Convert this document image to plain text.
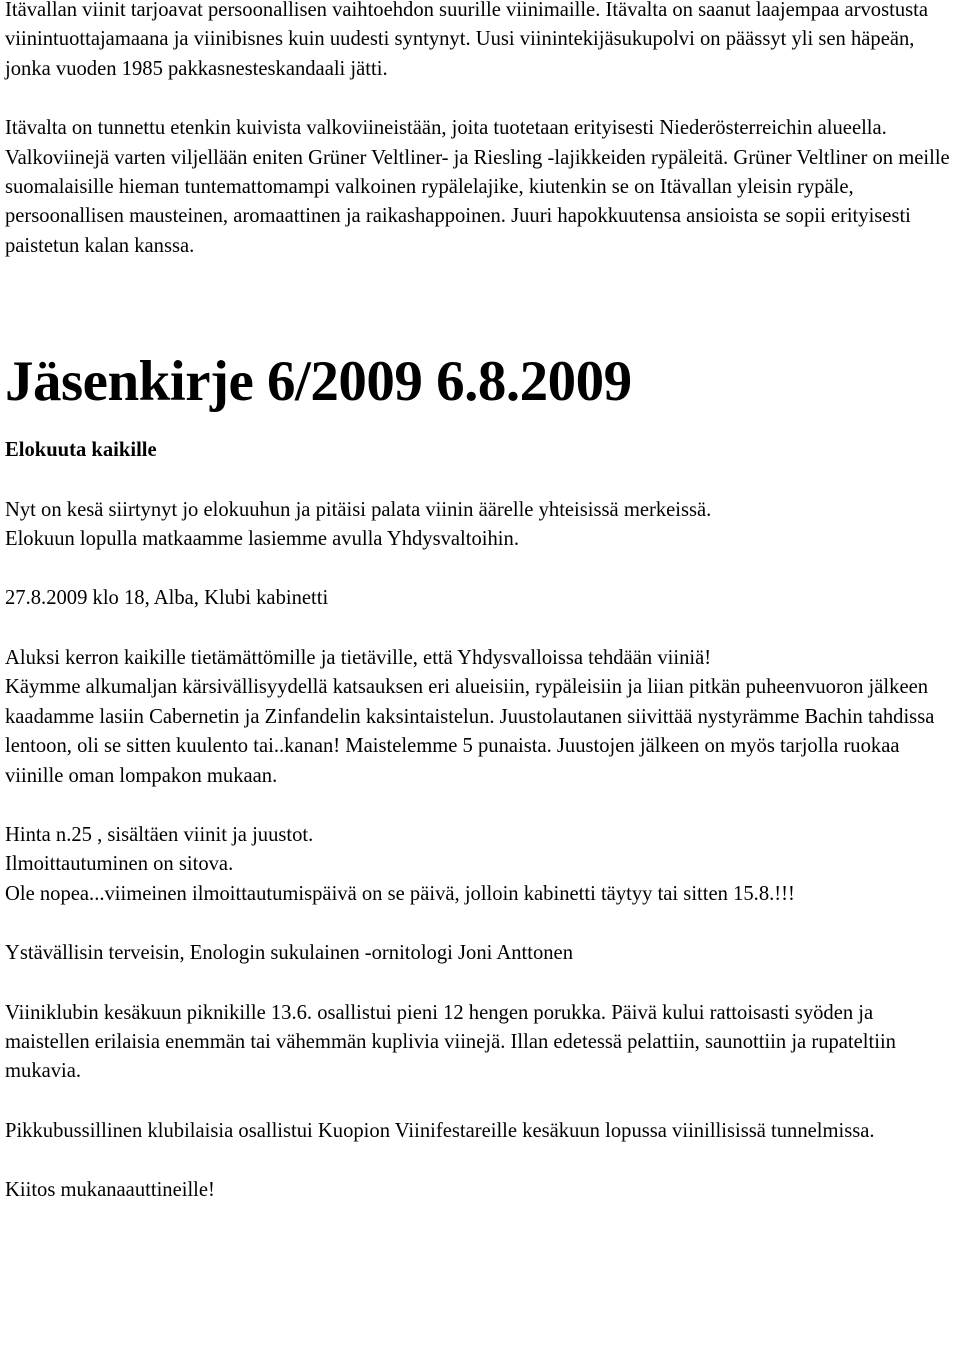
Itävallan viinit tarjoavat persoonallisen vaihtoehdon suurille viinimaille. Itävalta on saanut laajempaa arvostusta viinintuottajamaana ja viinibisnes kuin uudesti syntynyt. Uusi viinintekijäsukupolvi on päässyt yli sen häpeän, jonka vuoden 1985 pakkasnesteskandaali jätti.

Itävalta on tunnettu etenkin kuivista valkoviineistään, joita tuotetaan erityisesti Niederösterreichin alueella. Valkoviinejä varten viljellään eniten Grüner Veltliner- ja Riesling -lajikkeiden rypäleitä. Grüner Veltliner on meille suomalaisille hieman tuntemattomampi valkoinen rypälelajike, kiutenkin se on Itävallan yleisin rypäle, persoonallisen mausteinen, aromaattinen ja raikashappoinen. Juuri hapokkuutensa ansioista se sopii erityisesti paistetun kalan kanssa.

Jäsenkirje 6/2009 6.8.2009
Elokuuta kaikille

Nyt on kesä siirtynyt jo elokuuhun ja pitäisi palata viinin äärelle yhteisissä merkeissä.

Elokuun lopulla matkaamme lasiemme avulla Yhdysvaltoihin.

27.8.2009 klo 18, Alba, Klubi kabinetti

Aluksi kerron kaikille tietämättömille ja tietäville, että Yhdysvalloissa tehdään viiniä!

Käymme alkumaljan kärsivällisyydellä katsauksen eri alueisiin, rypäleisiin ja liian pitkän puheenvuoron jälkeen kaadamme lasiin Cabernetin ja Zinfandelin kaksintaistelun. Juustolautanen siivittää nystyrämme Bachin tahdissa lentoon, oli se sitten kuulento tai..kanan! Maistelemme 5 punaista. Juustojen jälkeen on myös tarjolla ruokaa viinille oman lompakon mukaan.

Hinta n.25 , sisältäen viinit ja juustot.

Ilmoittautuminen on sitova.

Ole nopea...viimeinen ilmoittautumispäivä on se päivä, jolloin kabinetti täytyy tai sitten 15.8.!!!

Ystävällisin terveisin, Enologin sukulainen -ornitologi Joni Anttonen

Viiniklubin kesäkuun piknikille 13.6. osallistui pieni 12 hengen porukka. Päivä kului rattoisasti syöden ja maistellen erilaisia enemmän tai vähemmän kuplivia viinejä. Illan edetessä pelattiin, saunottiin ja rupateltiin mukavia.

Pikkubussillinen klubilaisia osallistui Kuopion Viinifestareille kesäkuun lopussa viinillisissä tunnelmissa.

Kiitos mukanaauttineille!
